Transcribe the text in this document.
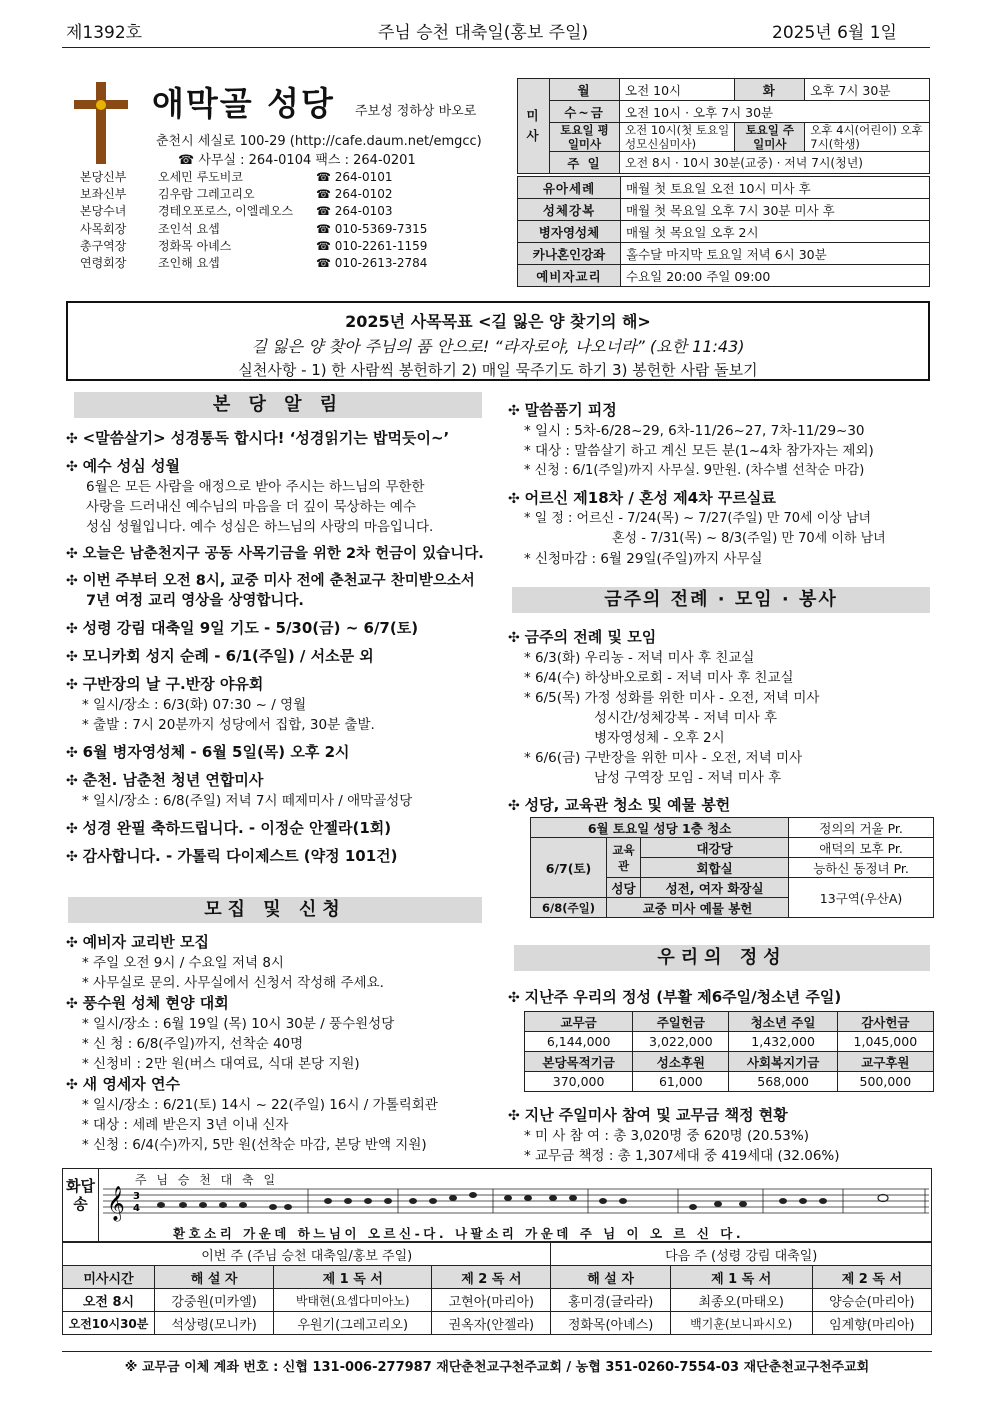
제1392호	주님 승천 대축일(홍보 주일)	2025년 6월 1일
애막골 성당 주보성 정하상 바오로
춘천시 세실로 100-29 (http://cafe.daum.net/emgcc)
☎ 사무실 : 264-0104 팩스 : 264-0201
본당신부	오세민 루도비코	☎ 264-0101
보좌신부	김우람 그레고리오	☎ 264-0102
본당수녀	경테오포로스, 이엘레오스	☎ 264-0103
사목회장	조인석 요셉	☎ 010-5369-7315
총구역장	정화목 아녜스	☎ 010-2261-1159
연령회장	조인해 요셉	☎ 010-2613-2784
미사	월	오전 10시	화	오후 7시 30분
	수~금	오전 10시 · 오후 7시 30분		
	토요일 평일미사	오전 10시(첫 토요일 성모신심미사)	토요일 주일미사	오후 4시(어린이) 오후 7시(학생)
	주 일	오전 8시 · 10시 30분(교중) · 저녁 7시(청년)		
유아세례	매월 첫 토요일 오전 10시 미사 후
성체강복	매월 첫 목요일 오후 7시 30분 미사 후
병자영성체	매월 첫 목요일 오후 2시
카나혼인강좌	홀수달 마지막 토요일 저녁 6시 30분
예비자교리	수요일 20:00 주일 09:00
2025년 사목목표 <길 잃은 양 찾기의 해>
길 잃은 양 찾아 주님의 품 안으로! “라자로야, 나오너라” (요한 11:43)
실천사항 - 1) 한 사람씩 봉헌하기 2) 매일 묵주기도 하기 3) 봉헌한 사람 돌보기
본 당 알 림
✣ <말씀살기> 성경통독 합시다! ‘성경읽기는 밥먹듯이~’
✣ 예수 성심 성월
6월은 모든 사람을 애정으로 받아 주시는 하느님의 무한한
사랑을 드러내신 예수님의 마음을 더 깊이 묵상하는 예수
성심 성월입니다. 예수 성심은 하느님의 사랑의 마음입니다.
✣ 오늘은 남춘천지구 공동 사목기금을 위한 2차 헌금이 있습니다.
✣ 이번 주부터 오전 8시, 교중 미사 전에 춘천교구 찬미받으소서
7년 여정 교리 영상을 상영합니다.
✣ 성령 강림 대축일 9일 기도 - 5/30(금) ~ 6/7(토)
✣ 모니카회 성지 순례 - 6/1(주일) / 서소문 외
✣ 구반장의 날 구.반장 야유회
* 일시/장소 : 6/3(화) 07:30 ~ / 영월
* 출발 : 7시 20분까지 성당에서 집합, 30분 출발.
✣ 6월 병자영성체 - 6월 5일(목) 오후 2시
✣ 춘천. 남춘천 청년 연합미사
* 일시/장소 : 6/8(주일) 저녁 7시 떼제미사 / 애막골성당
✣ 성경 완필 축하드립니다. - 이정순 안젤라(1회)
✣ 감사합니다. - 가톨릭 다이제스트 (약정 101건)
모집 및 신청
✣ 예비자 교리반 모집
* 주일 오전 9시 / 수요일 저녁 8시
* 사무실로 문의. 사무실에서 신청서 작성해 주세요.
✣ 풍수원 성체 현양 대회
* 일시/장소 : 6월 19일 (목) 10시 30분 / 풍수원성당
* 신 청 : 6/8(주일)까지, 선착순 40명
* 신청비 : 2만 원(버스 대여료, 식대 본당 지원)
✣ 새 영세자 연수
* 일시/장소 : 6/21(토) 14시 ~ 22(주일) 16시 / 가톨릭회관
* 대상 : 세례 받은지 3년 이내 신자
* 신청 : 6/4(수)까지, 5만 원(선착순 마감, 본당 반액 지원)
✣ 말씀품기 피정
* 일시 : 5차-6/28~29, 6차-11/26~27, 7차-11/29~30
* 대상 : 말씀살기 하고 계신 모든 분(1~4차 참가자는 제외)
* 신청 : 6/1(주일)까지 사무실. 9만원. (차수별 선착순 마감)
✣ 어르신 제18차 / 혼성 제4차 꾸르실료
* 일 정 : 어르신 - 7/24(목) ~ 7/27(주일) 만 70세 이상 남녀
혼성 - 7/31(목) ~ 8/3(주일) 만 70세 이하 남녀
* 신청마감 : 6월 29일(주일)까지 사무실
금주의 전례 · 모임 · 봉사
✣ 금주의 전례 및 모임
* 6/3(화) 우리농 - 저녁 미사 후 친교실
* 6/4(수) 하상바오로회 - 저녁 미사 후 친교실
* 6/5(목) 가정 성화를 위한 미사 - 오전, 저녁 미사
성시간/성체강복 - 저녁 미사 후
병자영성체 - 오후 2시
* 6/6(금) 구반장을 위한 미사 - 오전, 저녁 미사
남성 구역장 모임 - 저녁 미사 후
✣ 성당, 교육관 청소 및 예물 봉헌
6월 토요일 성당 1층 청소			정의의 거울 Pr.
6/7(토)	교육관	대강당	애덕의 모후 Pr.
		회합실	능하신 동정녀 Pr.
	성당	성전, 여자 화장실	13구역(우산A)
6/8(주일)	교중 미사 예물 봉헌		
우리의 정성
✣ 지난주 우리의 정성 (부활 제6주일/청소년 주일)
교무금	주일헌금	청소년 주일	감사헌금
6,144,000	3,022,000	1,432,000	1,045,000
본당목적기금	성소후원	사회복지기금	교구후원
370,000	61,000	568,000	500,000
✣ 지난 주일미사 참여 및 교무금 책정 현황
* 미 사 참 여 : 총 3,020명 중 620명 (20.53%)
* 교무금 책정 : 총 1,307세대 중 419세대 (32.06%)
화답송
주 님 승 천 대 축 일
𝄞 3
4
환호소리 가운데 하느님이 오르신-다. 나팔소리 가운데 주 님 이 오 르 신 다.
이번 주 (주님 승천 대축일/홍보 주일)				다음 주 (성령 강림 대축일)		
미사시간	해 설 자	제 1 독 서	제 2 독 서	해 설 자	제 1 독 서	제 2 독 서
오전 8시	강중원(미카엘)	박태현(요셉다미아노)	고현아(마리아)	홍미경(글라라)	최종오(마태오)	양승순(마리아)
오전10시30분	석상령(모니카)	우원기(그레고리오)	권옥자(안젤라)	정화목(아녜스)	백기훈(보니파시오)	임계향(마리아)
※ 교무금 이체 계좌 번호 : 신협 131-006-277987 재단춘천교구천주교회 / 농협 351-0260-7554-03 재단춘천교구천주교회
